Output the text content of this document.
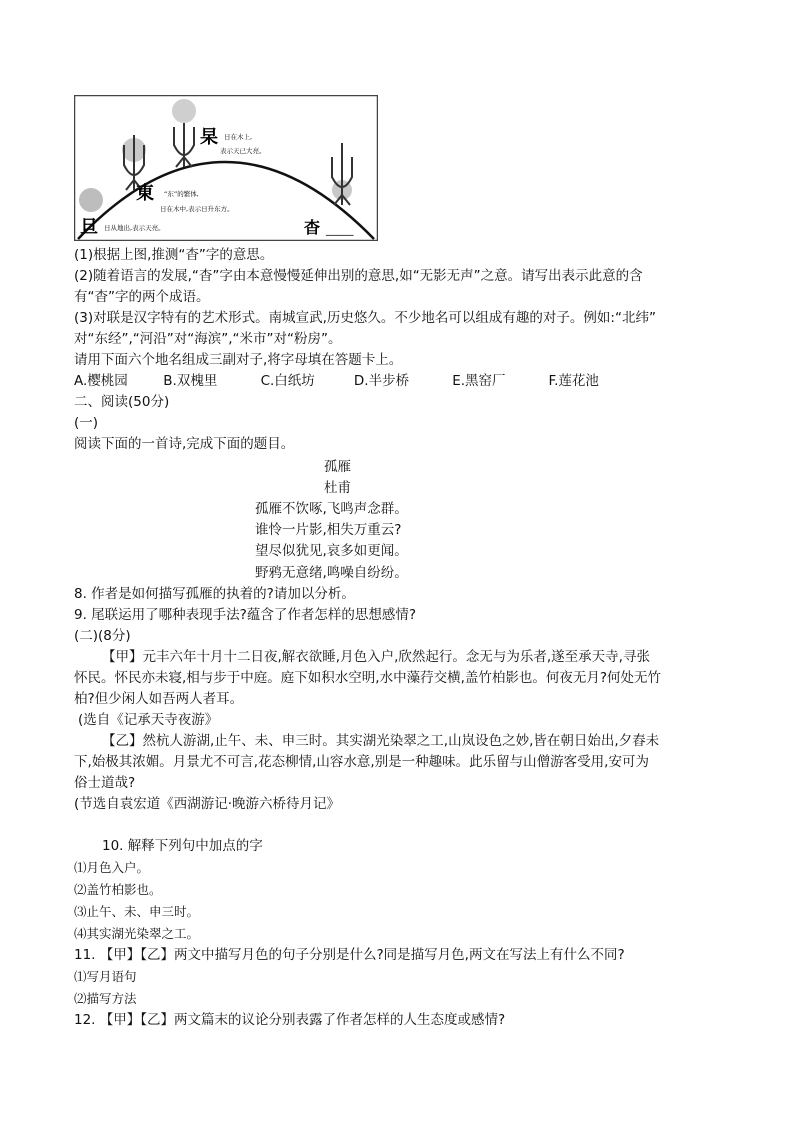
杲 日在木上,
表示天已大亮。
東 “东”的繁体,
日在木中,表示日升东方。
旦 日从地出,表示天亮。	杳 _____
(1)根据上图,推测“杳”字的意思。
(2)随着语言的发展,“杳”字由本意慢慢延伸出别的意思,如“无影无声”之意。请写出表示此意的含
有“杳”字的两个成语。
(3)对联是汉字特有的艺术形式。南城宣武,历史悠久。不少地名可以组成有趣的对子。例如:“北纬”
对“东经”,“河沿”对“海滨”,“米市”对“粉房”。
请用下面六个地名组成三副对子,将字母填在答题卡上。
A.樱桃园	B.双槐里	C.白纸坊	D.半步桥	E.黑窑厂	F.莲花池
二、阅读(50分)
(一)
阅读下面的一首诗,完成下面的题目。
孤雁
杜甫
孤雁不饮啄,飞鸣声念群。
谁怜一片影,相失万重云?
望尽似犹见,哀多如更闻。
野鸦无意绪,鸣噪自纷纷。
8. 作者是如何描写孤雁的执着的?请加以分析。
9. 尾联运用了哪种表现手法?蕴含了作者怎样的思想感情?
(二)(8分)
【甲】元丰六年十月十二日夜,解衣欲睡,月色入户,欣然起行。念无与为乐者,遂至承天寺,寻张
怀民。怀民亦未寝,相与步于中庭。庭下如积水空明,水中藻荇交横,盖竹柏影也。何夜无月?何处无竹
柏?但少闲人如吾两人者耳。
(选自《记承天寺夜游》
【乙】然杭人游湖,止午、未、申三时。其实湖光染翠之工,山岚设色之妙,皆在朝日始出,夕舂未
下,始极其浓媚。月景尤不可言,花态柳情,山容水意,别是一种趣味。此乐留与山僧游客受用,安可为
俗士道哉?
(节选自袁宏道《西湖游记·晚游六桥待月记》
10. 解释下列句中加点的字
⑴月色入户。
⑵盖竹柏影也。
⑶止午、未、申三时。
⑷其实湖光染翠之工。
11. 【甲】【乙】两文中描写月色的句子分别是什么?同是描写月色,两文在写法上有什么不同?
⑴写月语句
⑵描写方法
12. 【甲】【乙】两文篇末的议论分别表露了作者怎样的人生态度或感情?
